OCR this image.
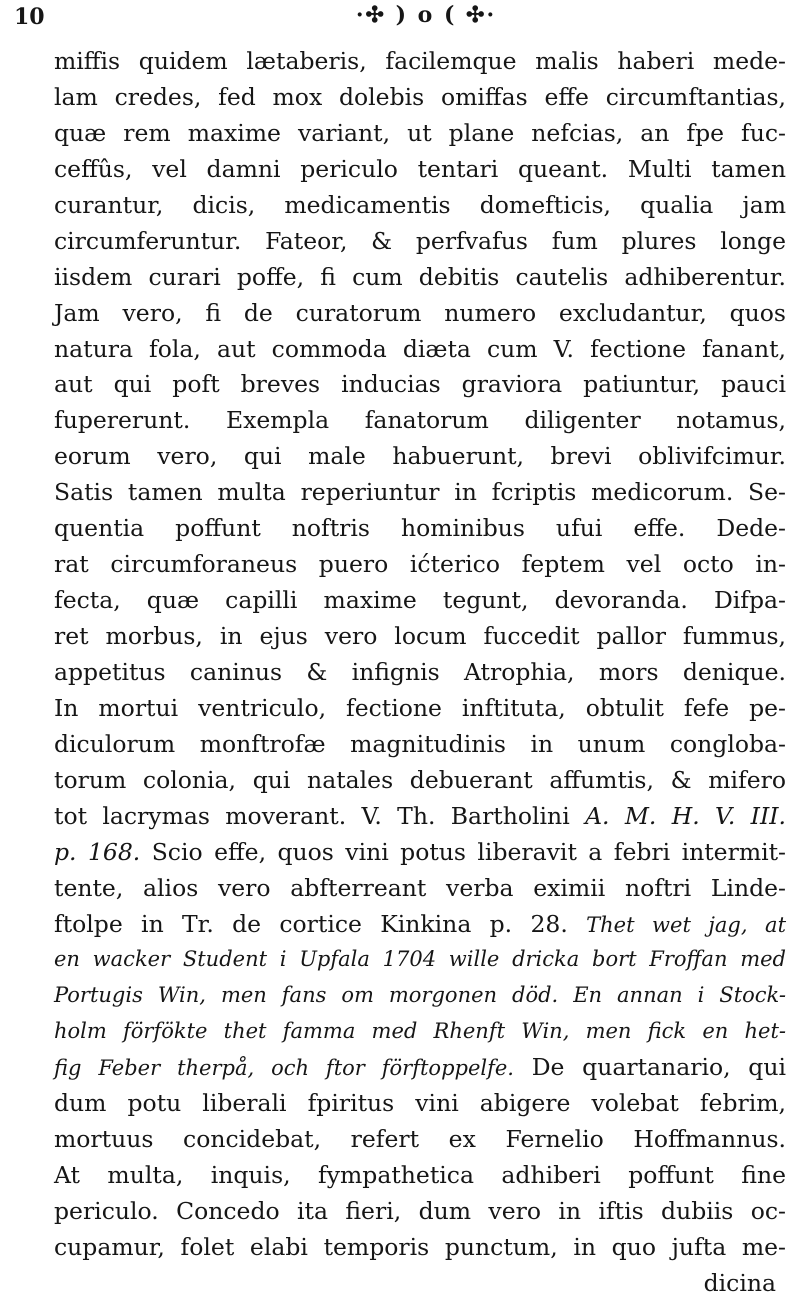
10	·✣ ) o ( ✣·
miffis quidem lætaberis, facilemque malis haberi mede-
lam credes, fed mox dolebis omiffas effe circumftantias,
quæ rem maxime variant, ut plane nefcias, an fpe fuc-
ceffûs, vel damni periculo tentari queant. Multi tamen
curantur, dicis, medicamentis domefticis, qualia jam
circumferuntur. Fateor, & perfvafus fum plures longe
iisdem curari poffe, fi cum debitis cautelis adhiberentur.
Jam vero, fi de curatorum numero excludantur, quos
natura fola, aut commoda diæta cum V. fectione fanant,
aut qui poft breves inducias graviora patiuntur, pauci
fupererunt. Exempla fanatorum diligenter notamus,
eorum vero, qui male habuerunt, brevi oblivifcimur.
Satis tamen multa reperiuntur in fcriptis medicorum. Se-
quentia poffunt noftris hominibus ufui effe. Dede-
rat circumforaneus puero ićterico feptem vel octo in-
fecta, quæ capilli maxime tegunt, devoranda. Difpa-
ret morbus, in ejus vero locum fuccedit pallor fummus,
appetitus caninus & infignis Atrophia, mors denique.
In mortui ventriculo, fectione inftituta, obtulit fefe pe-
diculorum monftrofæ magnitudinis in unum congloba-
torum colonia, qui natales debuerant affumtis, & mifero
tot lacrymas moverant. V. Th. Bartholini A. M. H. V. III.
p. 168. Scio effe, quos vini potus liberavit a febri intermit-
tente, alios vero abfterreant verba eximii noftri Linde-
ftolpe in Tr. de cortice Kinkina p. 28. Thet wet jag, at
en wacker Student i Upfala 1704 wille dricka bort Froffan med
Portugis Win, men fans om morgonen död. En annan i Stock-
holm förfökte thet famma med Rhenft Win, men fick en het-
fig Feber therpå, och ftor förftoppelfe. De quartanario, qui
dum potu liberali fpiritus vini abigere volebat febrim,
mortuus concidebat, refert ex Fernelio Hoffmannus.
At multa, inquis, fympathetica adhiberi poffunt fine
periculo. Concedo ita fieri, dum vero in iftis dubiis oc-
cupamur, folet elabi temporis punctum, in quo jufta me-
dicina
